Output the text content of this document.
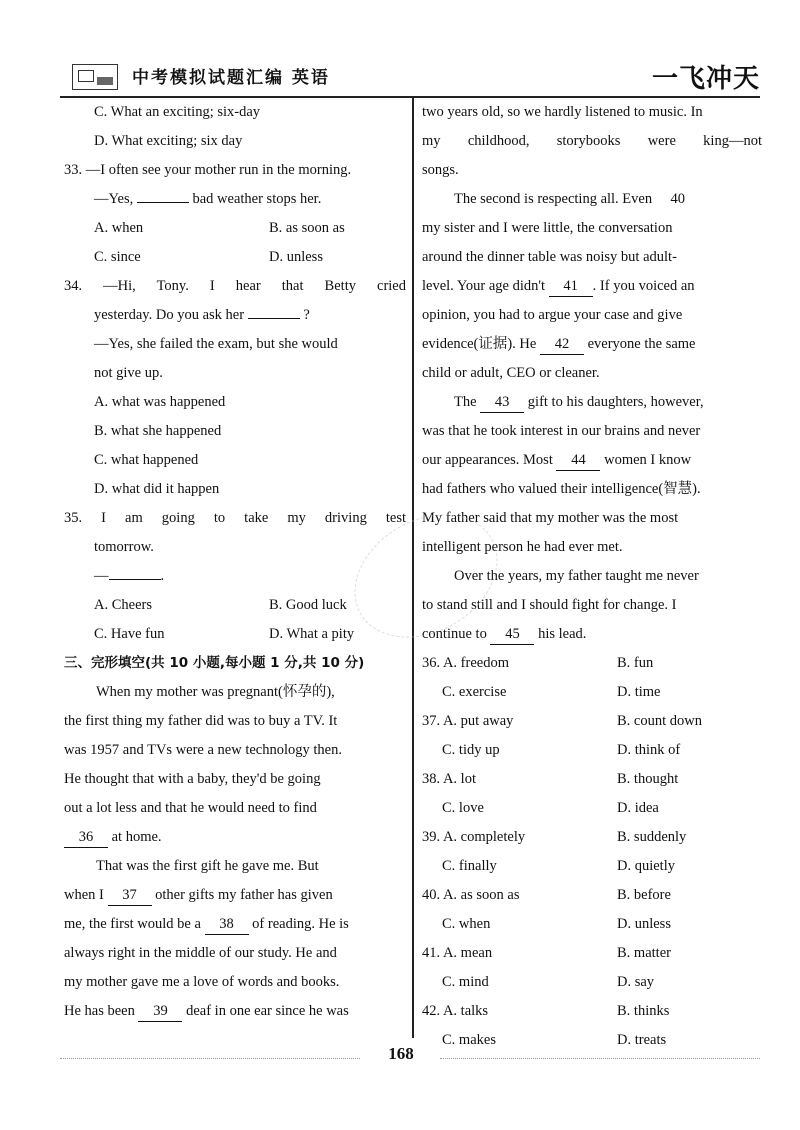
中考模拟试题汇编 英语	一飞冲天
C. What an exciting; six-day
D. What exciting; six day
33. —I often see your mother run in the morning.
—Yes,	bad weather stops her.
A. when	B. as soon as
C. since	D. unless
34. —Hi, Tony. I hear that Betty cried
yesterday. Do you ask her	?
—Yes, she failed the exam, but she would
not give up.
A. what was happened
B. what she happened
C. what happened
D. what did it happen
35. I am going to take my driving test
tomorrow.
—	.
A. Cheers	B. Good luck
C. Have fun	D. What a pity
三、完形填空(共 10 小题,每小题 1 分,共 10 分)
When my mother was pregnant(怀孕的),
the first thing my father did was to buy a TV. It
was 1957 and TVs were a new technology then.
He thought that with a baby, they'd be going
out a lot less and that he would need to find
36 at home.
That was the first gift he gave me. But
when I 37 other gifts my father has given
me, the first would be a 38 of reading. He is
always right in the middle of our study. He and
my mother gave me a love of words and books.
He has been 39 deaf in one ear since he was
two years old, so we hardly listened to music. In
my childhood, storybooks were king—not
songs.
The second is respecting all. Even 40
my sister and I were little, the conversation
around the dinner table was noisy but adult-
level. Your age didn't 41 . If you voiced an
opinion, you had to argue your case and give
evidence(证据). He 42 everyone the same
child or adult, CEO or cleaner.
The 43 gift to his daughters, however,
was that he took interest in our brains and never
our appearances. Most 44 women I know
had fathers who valued their intelligence(智慧).
My father said that my mother was the most
intelligent person he had ever met.
Over the years, my father taught me never
to stand still and I should fight for change. I
continue to 45 his lead.
36. A. freedom	B. fun
C. exercise	D. time
37. A. put away	B. count down
C. tidy up	D. think of
38. A. lot	B. thought
C. love	D. idea
39. A. completely	B. suddenly
C. finally	D. quietly
40. A. as soon as	B. before
C. when	D. unless
41. A. mean	B. matter
C. mind	D. say
42. A. talks	B. thinks
C. makes	D. treats
168
